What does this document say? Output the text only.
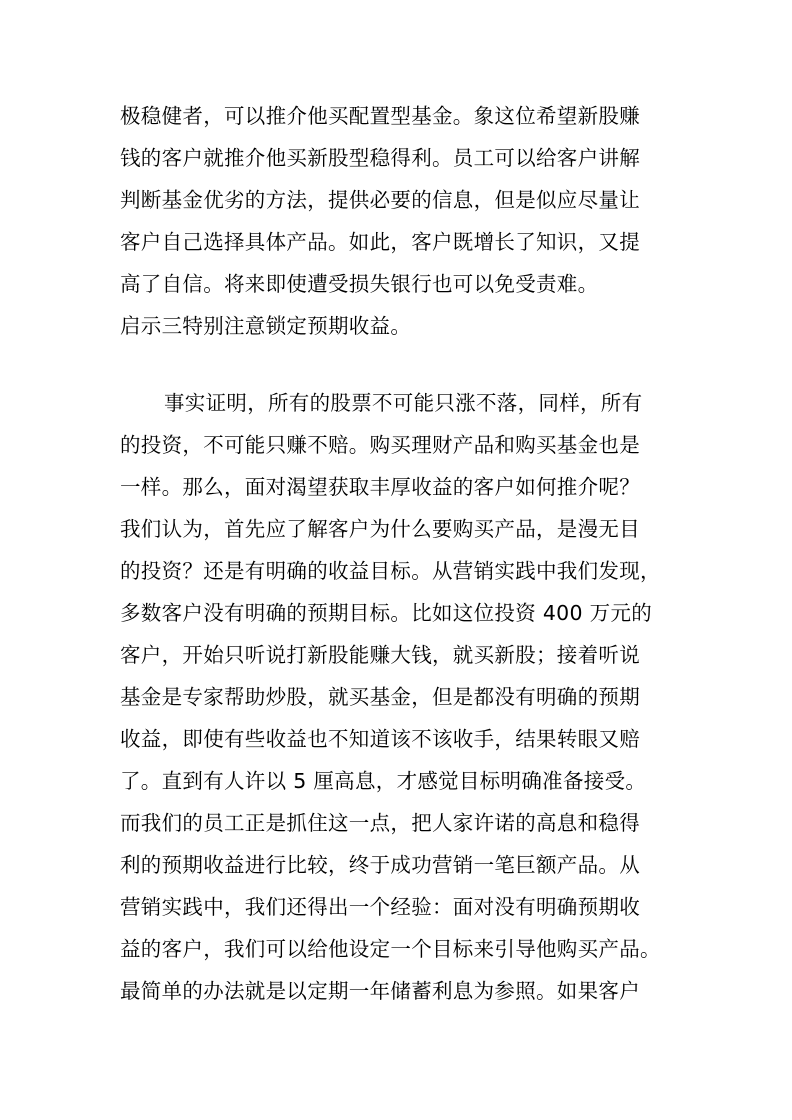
极稳健者，可以推介他买配置型基金。象这位希望新股赚
钱的客户就推介他买新股型稳得利。员工可以给客户讲解
判断基金优劣的方法，提供必要的信息，但是似应尽量让
客户自己选择具体产品。如此，客户既增长了知识，又提
高了自信。将来即使遭受损失银行也可以免受责难。
启示三特别注意锁定预期收益。
事实证明，所有的股票不可能只涨不落，同样，所有
的投资，不可能只赚不赔。购买理财产品和购买基金也是
一样。那么，面对渴望获取丰厚收益的客户如何推介呢？
我们认为，首先应了解客户为什么要购买产品，是漫无目
的投资？还是有明确的收益目标。从营销实践中我们发现，
多数客户没有明确的预期目标。比如这位投资 400 万元的
客户，开始只听说打新股能赚大钱，就买新股；接着听说
基金是专家帮助炒股，就买基金，但是都没有明确的预期
收益，即使有些收益也不知道该不该收手，结果转眼又赔
了。直到有人许以 5 厘高息，才感觉目标明确准备接受。
而我们的员工正是抓住这一点，把人家许诺的高息和稳得
利的预期收益进行比较，终于成功营销一笔巨额产品。从
营销实践中，我们还得出一个经验：面对没有明确预期收
益的客户，我们可以给他设定一个目标来引导他购买产品。
最简单的办法就是以定期一年储蓄利息为参照。如果客户
